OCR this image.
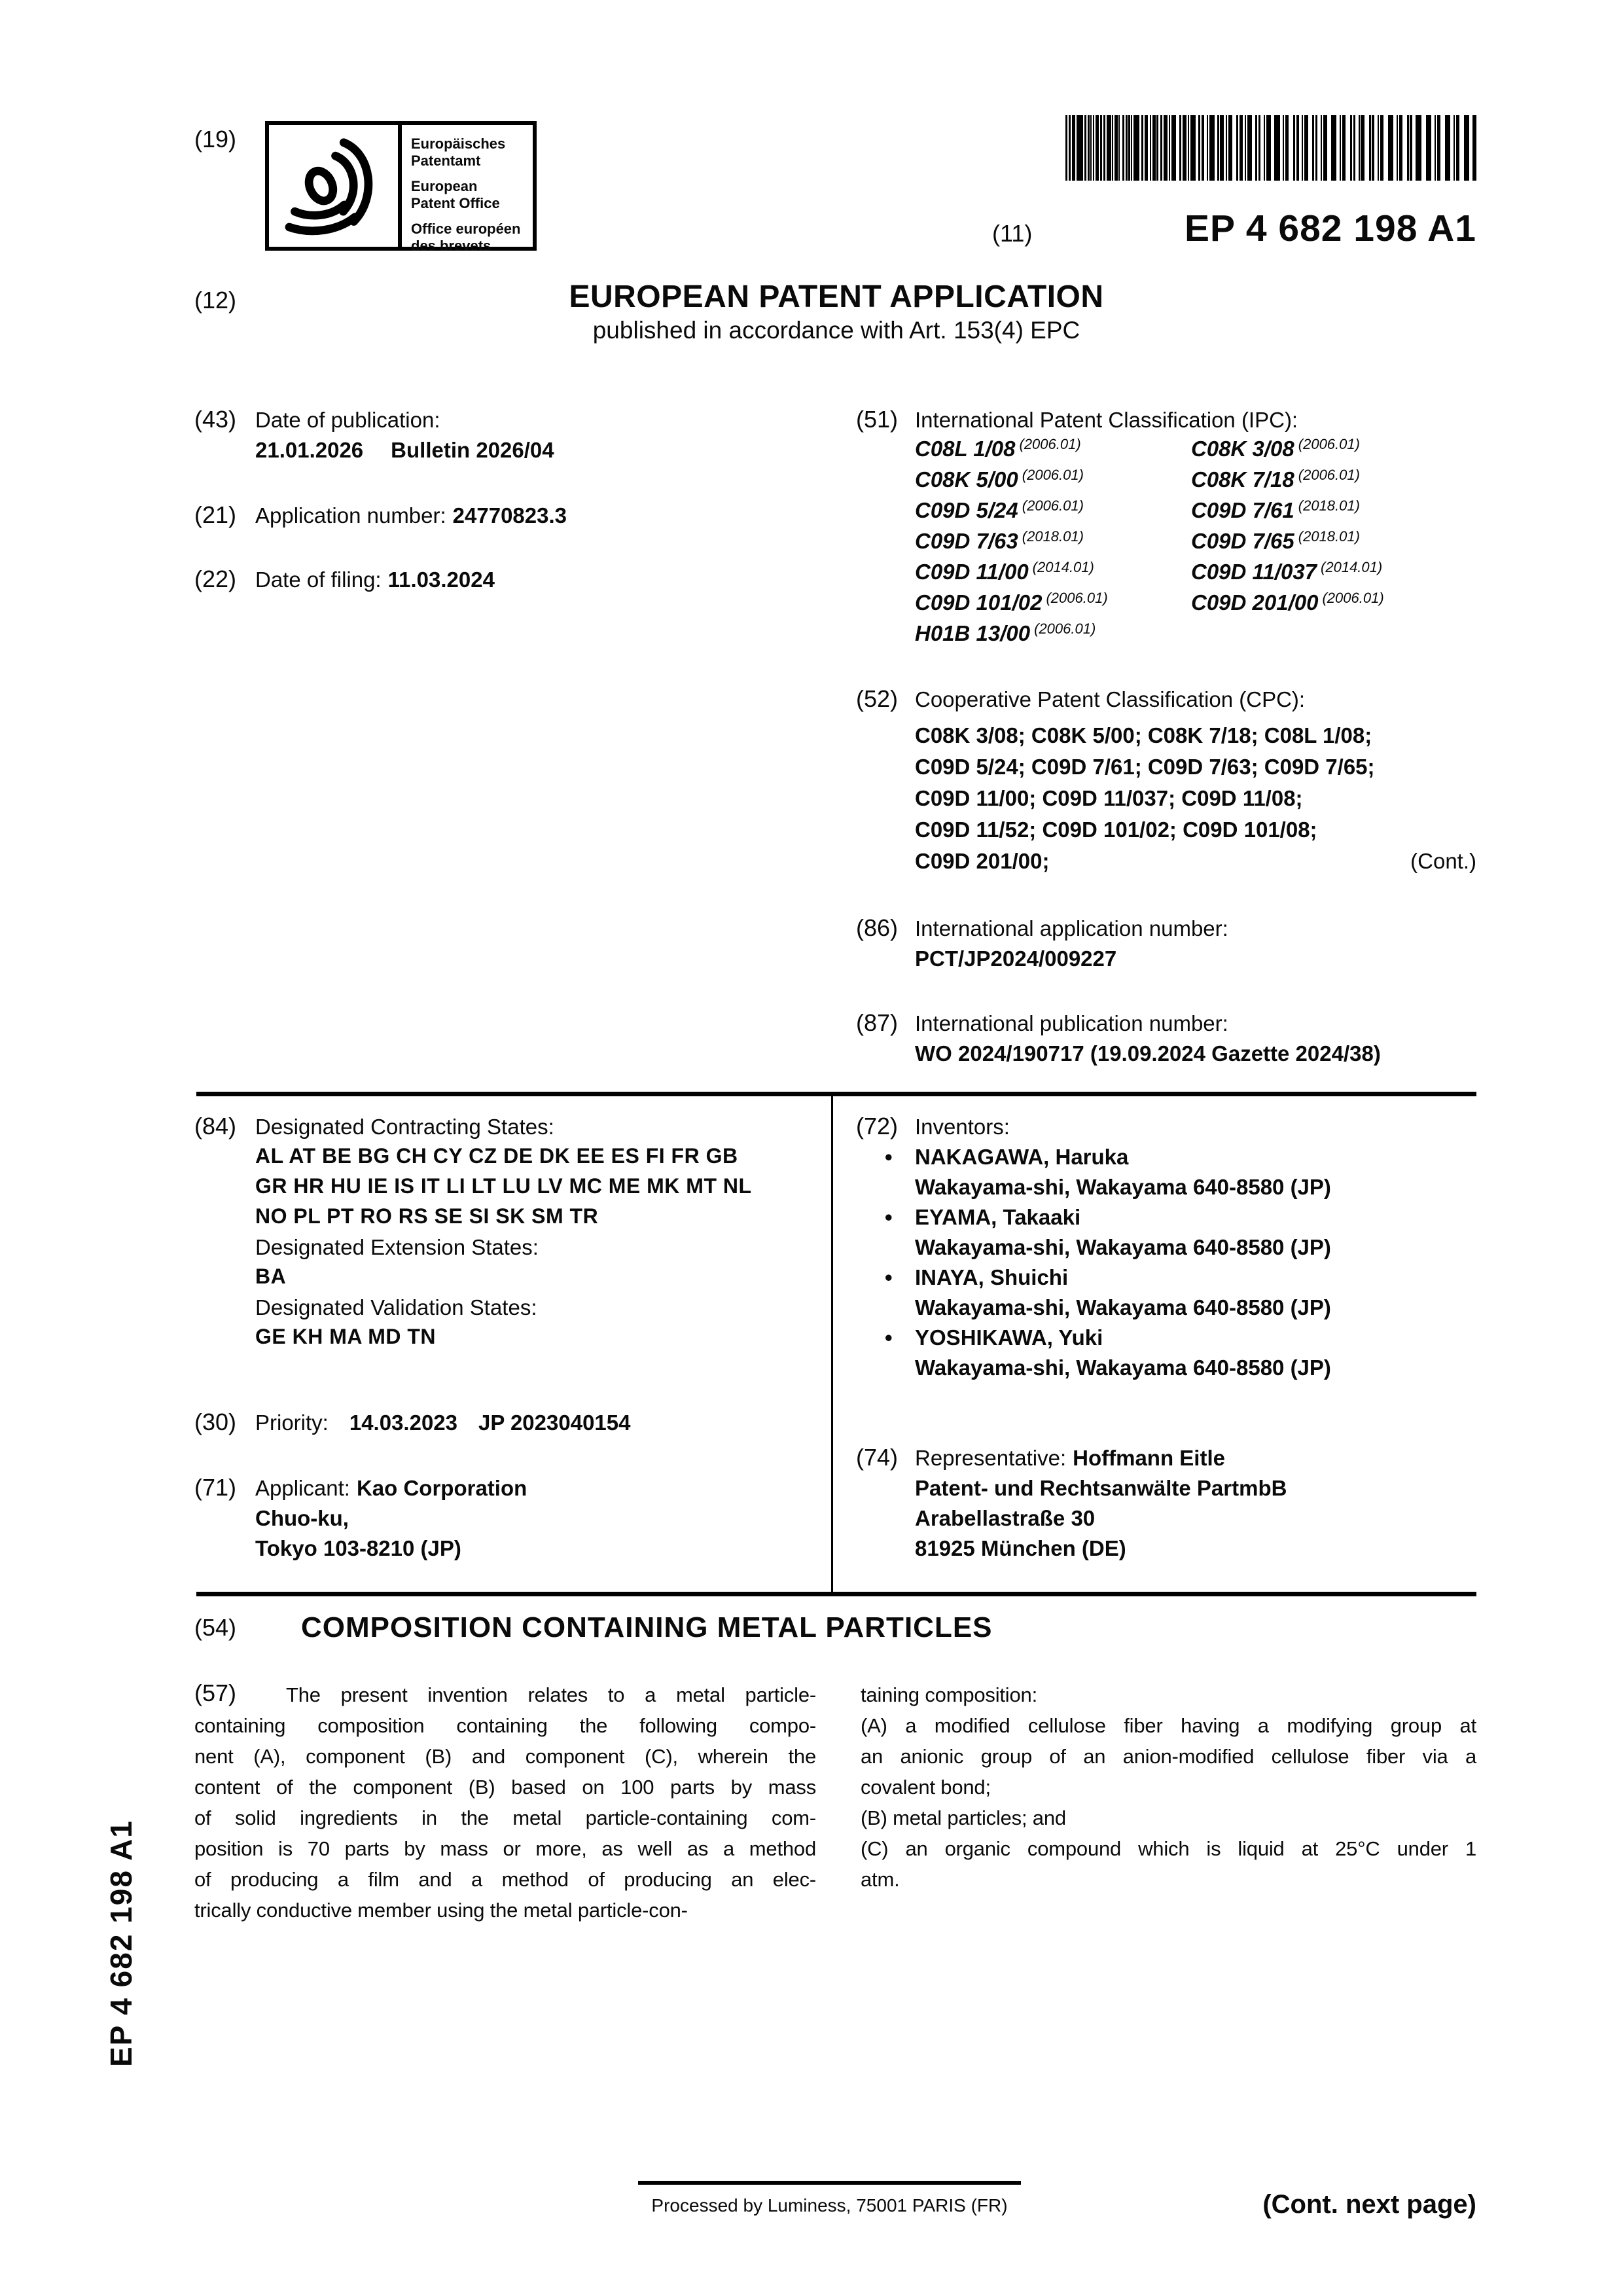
(19)	Europäisches
Patentamt
European
Patent Office
Office européen
des brevets	(11)	EP 4 682 198 A1
(12)	EUROPEAN PATENT APPLICATION
published in accordance with Art. 153(4) EPC
(43) Date of publication:
21.01.2026 Bulletin 2026/04
(21) Application number: 24770823.3
(22) Date of filing: 11.03.2024
(51) International Patent Classification (IPC):
C08L 1/08 (2006.01)	C08K 3/08 (2006.01)
C08K 5/00 (2006.01)	C08K 7/18 (2006.01)
C09D 5/24 (2006.01)	C09D 7/61 (2018.01)
C09D 7/63 (2018.01)	C09D 7/65 (2018.01)
C09D 11/00 (2014.01)	C09D 11/037 (2014.01)
C09D 101/02 (2006.01)	C09D 201/00 (2006.01)
H01B 13/00 (2006.01)
(52) Cooperative Patent Classification (CPC):
C08K 3/08; C08K 5/00; C08K 7/18; C08L 1/08;
C09D 5/24; C09D 7/61; C09D 7/63; C09D 7/65;
C09D 11/00; C09D 11/037; C09D 11/08;
C09D 11/52; C09D 101/02; C09D 101/08;
C09D 201/00;	(Cont.)
(86) International application number:
PCT/JP2024/009227
(87) International publication number:
WO 2024/190717 (19.09.2024 Gazette 2024/38)
(84) Designated Contracting States:
AL AT BE BG CH CY CZ DE DK EE ES FI FR GB
GR HR HU IE IS IT LI LT LU LV MC ME MK MT NL
NO PL PT RO RS SE SI SK SM TR
Designated Extension States:
BA
Designated Validation States:
GE KH MA MD TN
(30) Priority: 14.03.2023 JP 2023040154
(71) Applicant: Kao Corporation
Chuo-ku,
Tokyo 103-8210 (JP)
(72) Inventors:
• NAKAGAWA, Haruka
Wakayama-shi, Wakayama 640-8580 (JP)
• EYAMA, Takaaki
Wakayama-shi, Wakayama 640-8580 (JP)
• INAYA, Shuichi
Wakayama-shi, Wakayama 640-8580 (JP)
• YOSHIKAWA, Yuki
Wakayama-shi, Wakayama 640-8580 (JP)
(74) Representative: Hoffmann Eitle
Patent- und Rechtsanwälte PartmbB
Arabellastraße 30
81925 München (DE)
(54) COMPOSITION CONTAINING METAL PARTICLES
(57)	The present invention relates to a metal particle-
containing composition containing the following compo-
nent (A), component (B) and component (C), wherein the
content of the component (B) based on 100 parts by mass
of solid ingredients in the metal particle-containing com-
position is 70 parts by mass or more, as well as a method
of producing a film and a method of producing an elec-
trically conductive member using the metal particle-con-
taining composition:
(A) a modified cellulose fiber having a modifying group at
an anionic group of an anion-modified cellulose fiber via a
covalent bond;
(B) metal particles; and
(C) an organic compound which is liquid at 25°C under 1
atm.
EP 4 682 198 A1
Processed by Luminess, 75001 PARIS (FR)	(Cont. next page)
